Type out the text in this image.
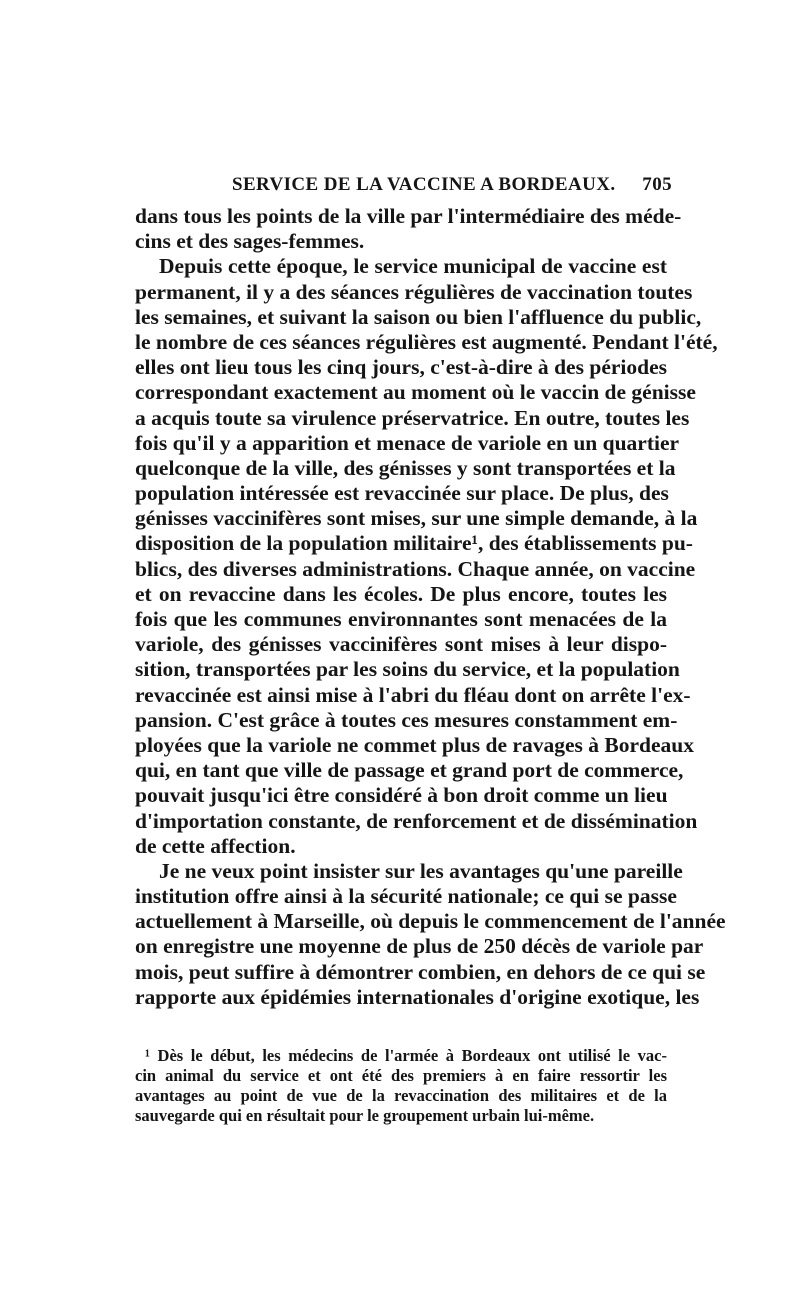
SERVICE DE LA VACCINE A BORDEAUX. 705
dans tous les points de la ville par l'intermédiaire des méde-
cins et des sages-femmes.
Depuis cette époque, le service municipal de vaccine est
permanent, il y a des séances régulières de vaccination toutes
les semaines, et suivant la saison ou bien l'affluence du public,
le nombre de ces séances régulières est augmenté. Pendant l'été,
elles ont lieu tous les cinq jours, c'est-à-dire à des périodes
correspondant exactement au moment où le vaccin de génisse
a acquis toute sa virulence préservatrice. En outre, toutes les
fois qu'il y a apparition et menace de variole en un quartier
quelconque de la ville, des génisses y sont transportées et la
population intéressée est revaccinée sur place. De plus, des
génisses vaccinifères sont mises, sur une simple demande, à la
disposition de la population militaire¹, des établissements pu-
blics, des diverses administrations. Chaque année, on vaccine
et on revaccine dans les écoles. De plus encore, toutes les
fois que les communes environnantes sont menacées de la
variole, des génisses vaccinifères sont mises à leur dispo-
sition, transportées par les soins du service, et la population
revaccinée est ainsi mise à l'abri du fléau dont on arrête l'ex-
pansion. C'est grâce à toutes ces mesures constamment em-
ployées que la variole ne commet plus de ravages à Bordeaux
qui, en tant que ville de passage et grand port de commerce,
pouvait jusqu'ici être considéré à bon droit comme un lieu
d'importation constante, de renforcement et de dissémination
de cette affection.
Je ne veux point insister sur les avantages qu'une pareille
institution offre ainsi à la sécurité nationale; ce qui se passe
actuellement à Marseille, où depuis le commencement de l'année
on enregistre une moyenne de plus de 250 décès de variole par
mois, peut suffire à démontrer combien, en dehors de ce qui se
rapporte aux épidémies internationales d'origine exotique, les
¹ Dès le début, les médecins de l'armée à Bordeaux ont utilisé le vac-
cin animal du service et ont été des premiers à en faire ressortir les
avantages au point de vue de la revaccination des militaires et de la
sauvegarde qui en résultait pour le groupement urbain lui-même.
